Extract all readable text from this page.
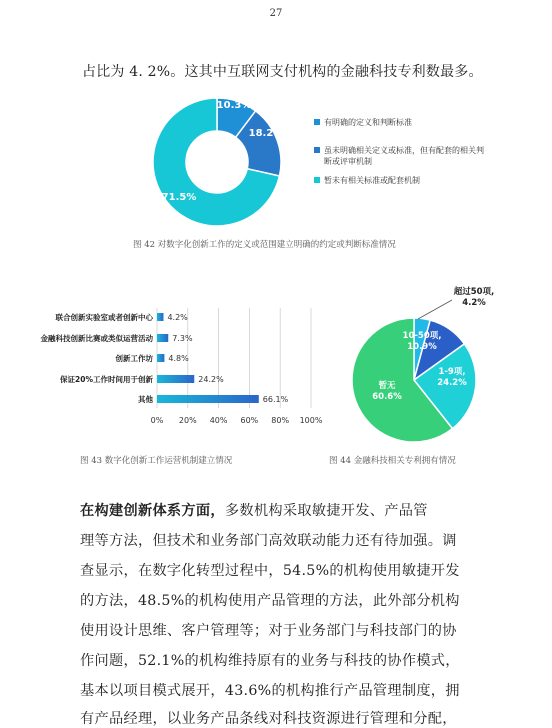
27
占比为 4. 2%。这其中互联网支付机构的金融科技专利数最多。
10.3%
18.2%
71.5%
有明确的定义和判断标准
虽未明确相关定义或标准，但有配套的相关判断或评审机制
暂未有相关标准或配套机制
图 42 对数字化创新工作的定义或范围建立明确的约定或判断标准情况
0% 20% 40% 60% 80% 100%
联合创新实验室或者创新中心 4.2%
金融科技创新比赛或类似运营活动 7.3%
创新工作坊 4.8%
保证20%工作时间用于创新	24.2%
其他	66.1%
图 43 数字化创新工作运营机制建立情况
超过50项,
4.2%
10-50项,
10.9%
1-9项,
24.2%
暂无
60.6%
图 44 金融科技相关专利拥有情况
在构建创新体系方面，多数机构采取敏捷开发、产品管
理等方法，但技术和业务部门高效联动能力还有待加强。调
查显示，在数字化转型过程中，54.5%的机构使用敏捷开发
的方法，48.5%的机构使用产品管理的方法，此外部分机构
使用设计思维、客户管理等；对于业务部门与科技部门的协
作问题，52.1%的机构维持原有的业务与科技的协作模式，
基本以项目模式展开，43.6%的机构推行产品管理制度，拥
有产品经理，以业务产品条线对科技资源进行管理和分配，
